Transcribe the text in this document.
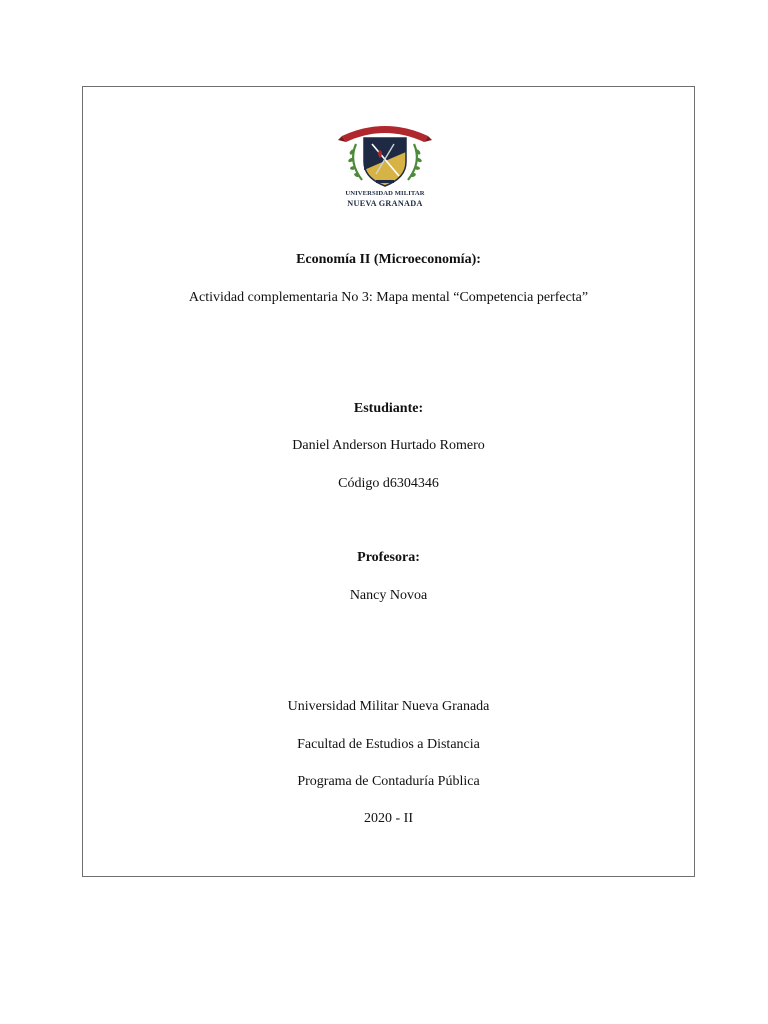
UNIVERSIDAD MILITAR
NUEVA GRANADA
Economía II (Microeconomía):
Actividad complementaria No 3: Mapa mental “Competencia perfecta”
Estudiante:
Daniel Anderson Hurtado Romero
Código d6304346
Profesora:
Nancy Novoa
Universidad Militar Nueva Granada
Facultad de Estudios a Distancia
Programa de Contaduría Pública
2020 - II
